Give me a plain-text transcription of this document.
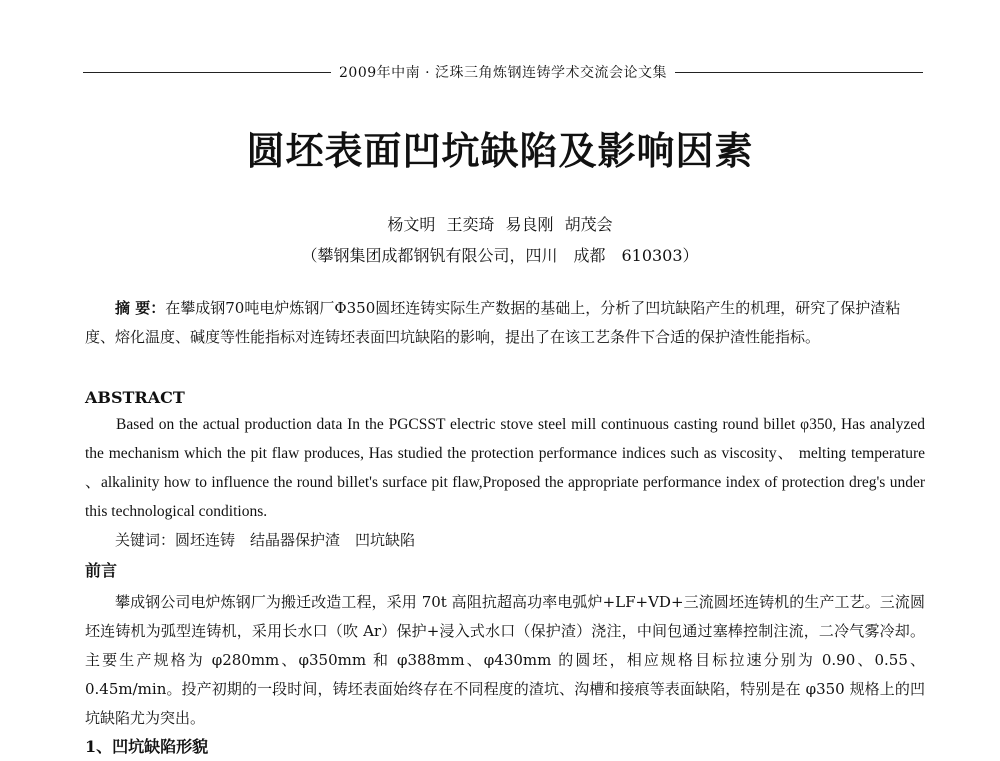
2009年中南 · 泛珠三角炼钢连铸学术交流会论文集
圆坯表面凹坑缺陷及影响因素
杨文明 王奕琦 易良刚 胡茂会
（攀钢集团成都钢钒有限公司，四川　成都　610303）
摘 要：在攀成钢70吨电炉炼钢厂Φ350圆坯连铸实际生产数据的基础上，分析了凹坑缺陷产生的机理，研究了保护渣粘度、熔化温度、碱度等性能指标对连铸坯表面凹坑缺陷的影响，提出了在该工艺条件下合适的保护渣性能指标。
ABSTRACT
Based on the actual production data In the PGCSST electric stove steel mill continuous casting round billet φ350, Has analyzed the mechanism which the pit flaw produces, Has studied the protection performance indices such as viscosity、 melting temperature 、alkalinity how to influence the round billet's surface pit flaw,Proposed the appropriate performance index of protection dreg's under this technological conditions.
关键词：圆坯连铸　结晶器保护渣　凹坑缺陷
前言
攀成钢公司电炉炼钢厂为搬迁改造工程，采用 70t 高阻抗超高功率电弧炉+LF+VD+三流圆坯连铸机的生产工艺。三流圆坯连铸机为弧型连铸机，采用长水口（吹 Ar）保护+浸入式水口（保护渣）浇注，中间包通过塞棒控制注流，二冷气雾冷却。主要生产规格为 φ280mm、φ350mm 和 φ388mm、φ430mm 的圆坯，相应规格目标拉速分别为 0.90、0.55、0.45m/min。投产初期的一段时间，铸坯表面始终存在不同程度的渣坑、沟槽和接痕等表面缺陷，特别是在 φ350 规格上的凹坑缺陷尤为突出。
1、凹坑缺陷形貌
